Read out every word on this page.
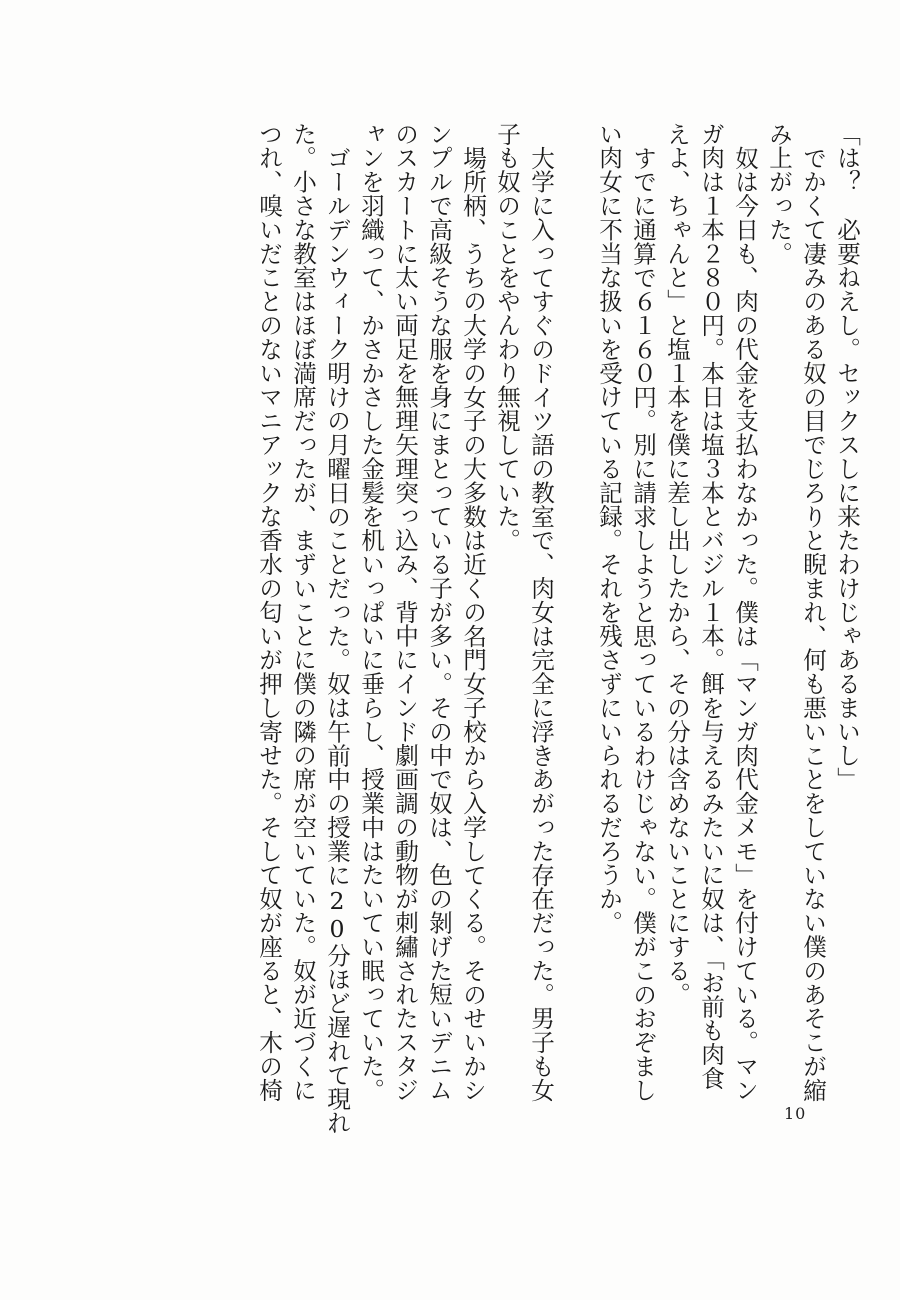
「は？　必要ねえし。セックスしに来たわけじゃあるまいし」

でかくて凄みのある奴の目でじろりと睨まれ、何も悪いことをしていない僕のあそこが縮

み上がった。

奴は今日も、肉の代金を支払わなかった。僕は「マンガ肉代金メモ」を付けている。マン

ガ肉は１本２８０円。本日は塩３本とバジル１本。餌を与えるみたいに奴は、「お前も肉食

えよ、ちゃんと」と塩１本を僕に差し出したから、その分は含めないことにする。

すでに通算で６１６０円。別に請求しようと思っているわけじゃない。僕がこのおぞまし

い肉女に不当な扱いを受けている記録。それを残さずにいられるだろうか。

大学に入ってすぐのドイツ語の教室で、肉女は完全に浮きあがった存在だった。男子も女

子も奴のことをやんわり無視していた。

場所柄、うちの大学の女子の大多数は近くの名門女子校から入学してくる。そのせいかシ

ンプルで高級そうな服を身にまとっている子が多い。その中で奴は、色の剝げた短いデニム

のスカートに太い両足を無理矢理突っ込み、背中にインド劇画調の動物が刺繡されたスタジ

ャンを羽織って、かさかさした金髪を机いっぱいに垂らし、授業中はたいてい眠っていた。

ゴールデンウィーク明けの月曜日のことだった。奴は午前中の授業に20分ほど遅れて現れ

た。小さな教室はほぼ満席だったが、まずいことに僕の隣の席が空いていた。奴が近づくに

つれ、嗅いだことのないマニアックな香水の匂いが押し寄せた。そして奴が座ると、木の椅

10
